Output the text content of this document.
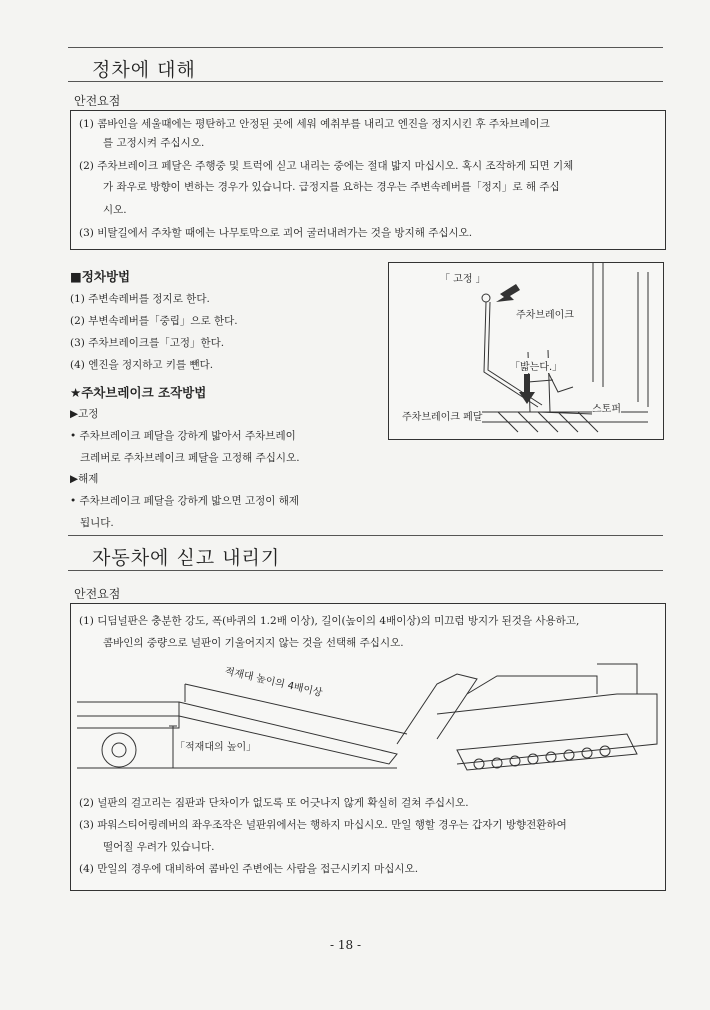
정차에 대해
안전요점
(1) 콤바인을 세울때에는 평탄하고 안정된 곳에 세워 예취부를 내리고 엔진을 정지시킨 후 주차브레이크
를 고정시켜 주십시오.
(2) 주차브레이크 페달은 주행중 및 트럭에 싣고 내리는 중에는 절대 밟지 마십시오. 혹시 조작하게 되면 기체
가 좌우로 방향이 변하는 경우가 있습니다. 급정지를 요하는 경우는 주변속레버를「정지」로 해 주십
시오.
(3) 비탈길에서 주차할 때에는 나무토막으로 괴어 굴러내려가는 것을 방지해 주십시오.
■정차방법
(1) 주변속레버를 정지로 한다.
(2) 부변속레버를「중립」으로 한다.
(3) 주차브레이크를「고정」한다.
(4) 엔진을 정지하고 키를 뺀다.
★주차브레이크 조작방법
▶고정
• 주차브레이크 페달을 강하게 밟아서 주차브레이
크레버로 주차브레이크 페달을 고정해 주십시오.
▶해제
• 주차브레이크 페달을 강하게 밟으면 고정이 해제
됩니다.
「 고정 」
주차브레이크
「밟는다.」
주차브레이크 페달
스토퍼
자동차에 싣고 내리기
안전요점
(1) 디딤널판은 충분한 강도, 폭(바퀴의 1.2배 이상), 길이(높이의 4배이상)의 미끄럼 방지가 된것을 사용하고,
콤바인의 중량으로 널판이 기울어지지 않는 것을 선택해 주십시오.
적재대 높이의 4배이상
「적재대의 높이」
(2) 널판의 걸고리는 짐판과 단차이가 없도록 또 어긋나지 않게 확실히 걸쳐 주십시오.
(3) 파워스티어링레버의 좌우조작은 널판위에서는 행하지 마십시오. 만일 행할 경우는 갑자기 방향전환하여
떨어질 우려가 있습니다.
(4) 만일의 경우에 대비하여 콤바인 주변에는 사람을 접근시키지 마십시오.
- 18 -
